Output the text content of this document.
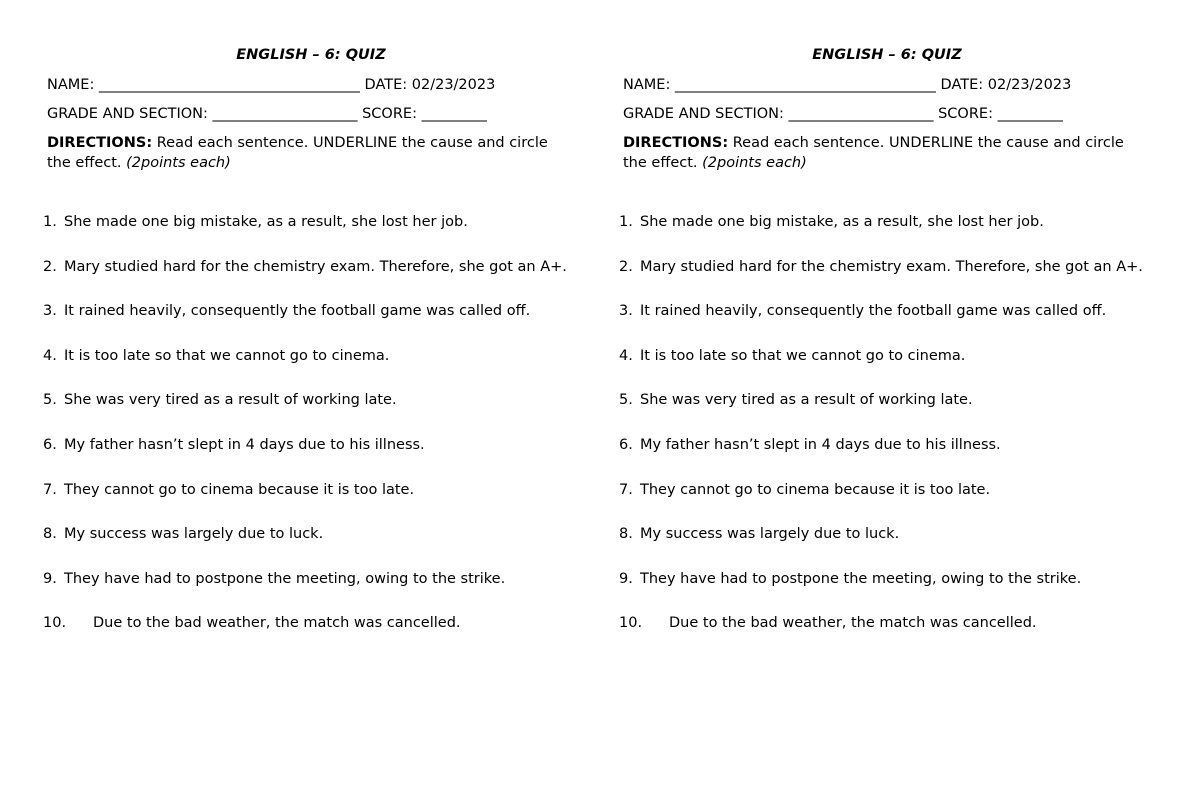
ENGLISH – 6: QUIZ
NAME: ____________________________________ DATE: 02/23/2023
GRADE AND SECTION: ____________________ SCORE: _________
DIRECTIONS: Read each sentence. UNDERLINE the cause and circle the effect. (2points each)
1. She made one big mistake, as a result, she lost her job.
2. Mary studied hard for the chemistry exam. Therefore, she got an A+.
3. It rained heavily, consequently the football game was called off.
4. It is too late so that we cannot go to cinema.
5. She was very tired as a result of working late.
6. My father hasn’t slept in 4 days due to his illness.
7. They cannot go to cinema because it is too late.
8. My success was largely due to luck.
9. They have had to postpone the meeting, owing to the strike.
10. Due to the bad weather, the match was cancelled.
ENGLISH – 6: QUIZ
NAME: ____________________________________ DATE: 02/23/2023
GRADE AND SECTION: ____________________ SCORE: _________
DIRECTIONS: Read each sentence. UNDERLINE the cause and circle the effect. (2points each)
1. She made one big mistake, as a result, she lost her job.
2. Mary studied hard for the chemistry exam. Therefore, she got an A+.
3. It rained heavily, consequently the football game was called off.
4. It is too late so that we cannot go to cinema.
5. She was very tired as a result of working late.
6. My father hasn’t slept in 4 days due to his illness.
7. They cannot go to cinema because it is too late.
8. My success was largely due to luck.
9. They have had to postpone the meeting, owing to the strike.
10. Due to the bad weather, the match was cancelled.
